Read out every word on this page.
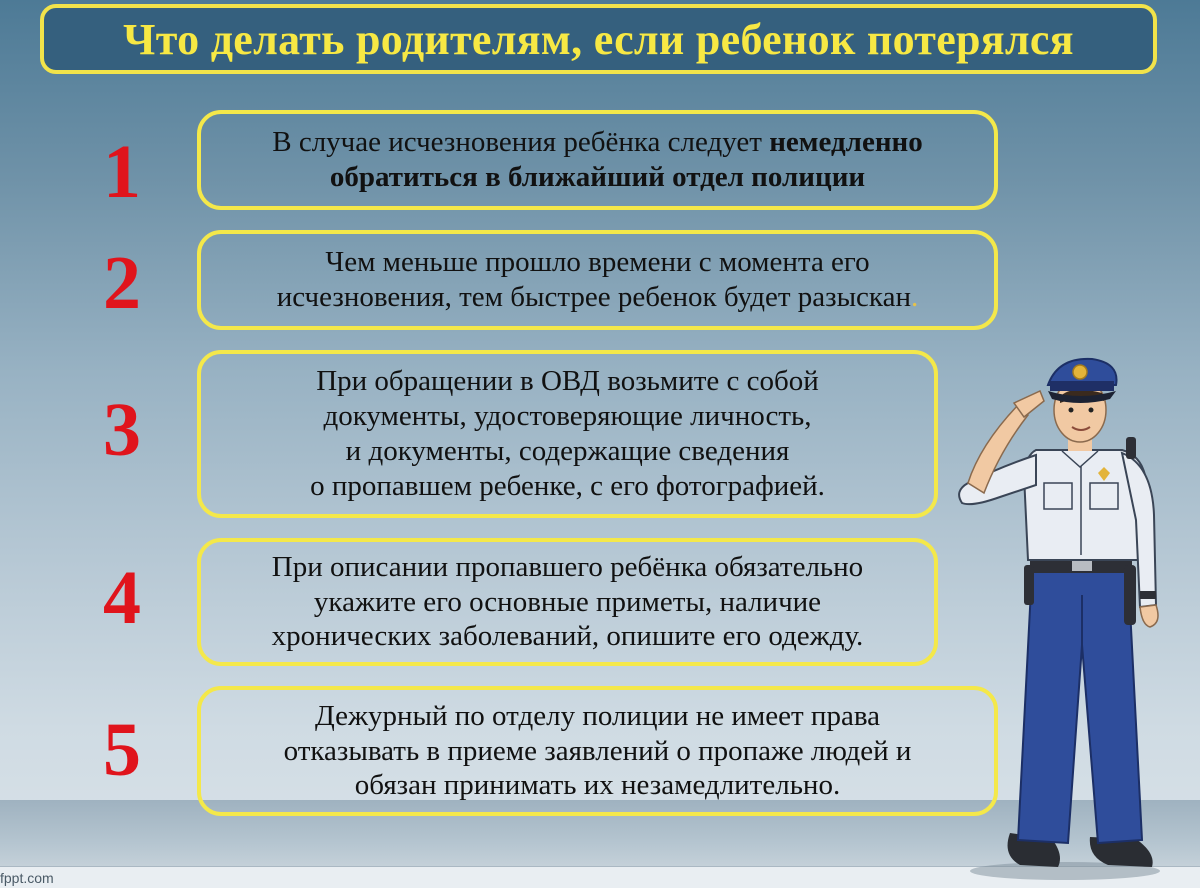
fppt.com
Что делать родителям, если ребенок потерялся
1	В случае исчезновения ребёнка следует немедленно
обратиться в ближайший отдел полиции
2	Чем меньше прошло времени с момента его
исчезновения, тем быстрее ребенок будет разыскан.
3
При обращении в ОВД возьмите с собой
документы, удостоверяющие личность,
и документы, содержащие сведения
о пропавшем ребенке, с его фотографией.
4	При описании пропавшего ребёнка обязательно
укажите его основные приметы, наличие
хронических заболеваний, опишите его одежду.
5	Дежурный по отделу полиции не имеет права
отказывать в приеме заявлений о пропаже людей и
обязан принимать их незамедлительно.
